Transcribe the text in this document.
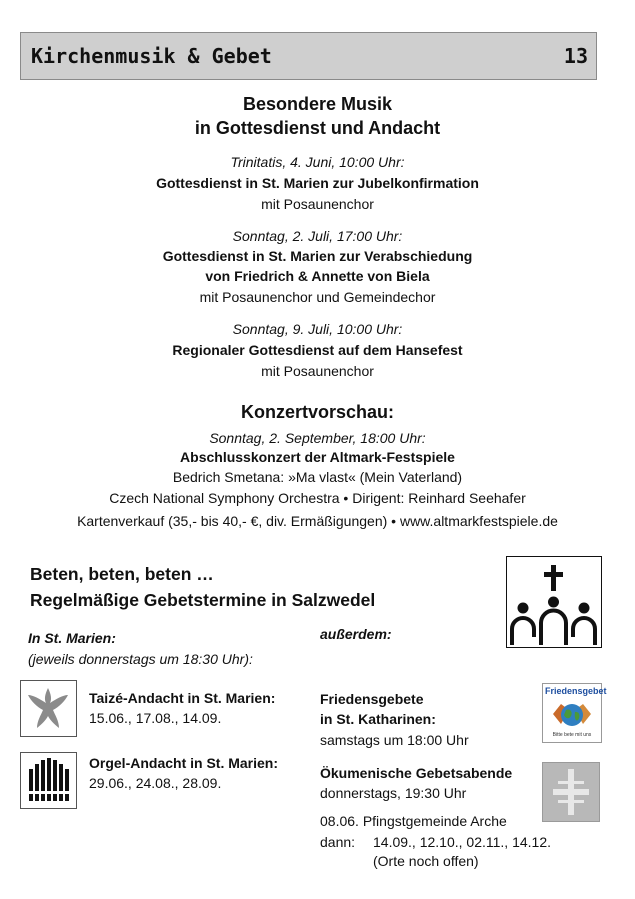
Kirchenmusik & Gebet	13
Besondere Musik
in Gottesdienst und Andacht
Trinitatis, 4. Juni, 10:00 Uhr:
Gottesdienst in St. Marien zur Jubelkonfirmation
mit Posaunenchor
Sonntag, 2. Juli, 17:00 Uhr:
Gottesdienst in St. Marien zur Verabschiedung
von Friedrich & Annette von Biela
mit Posaunenchor und Gemeindechor
Sonntag, 9. Juli, 10:00 Uhr:
Regionaler Gottesdienst auf dem Hansefest
mit Posaunenchor
Konzertvorschau:
Sonntag, 2. September, 18:00 Uhr:
Abschlusskonzert der Altmark-Festspiele
Bedrich Smetana: »Ma vlast« (Mein Vaterland)
Czech National Symphony Orchestra • Dirigent: Reinhard Seehafer
Kartenverkauf (35,- bis 40,- €, div. Ermäßigungen) • www.altmarkfestspiele.de
Beten, beten, beten …
Regelmäßige Gebetstermine in Salzwedel
In St. Marien:
(jeweils donnerstags um 18:30 Uhr):
außerdem:
Taizé-Andacht in St. Marien:
15.06., 17.08., 14.09.
Orgel-Andacht in St. Marien:
29.06., 24.08., 28.09.
Friedensgebete
in St. Katharinen:
samstags um 18:00 Uhr
Friedensgebet
Bitte bete mit uns
Ökumenische Gebetsabende
donnerstags, 19:30 Uhr
08.06. Pfingstgemeinde Arche
dann: 14.09., 12.10., 02.11., 14.12.
(Orte noch offen)
